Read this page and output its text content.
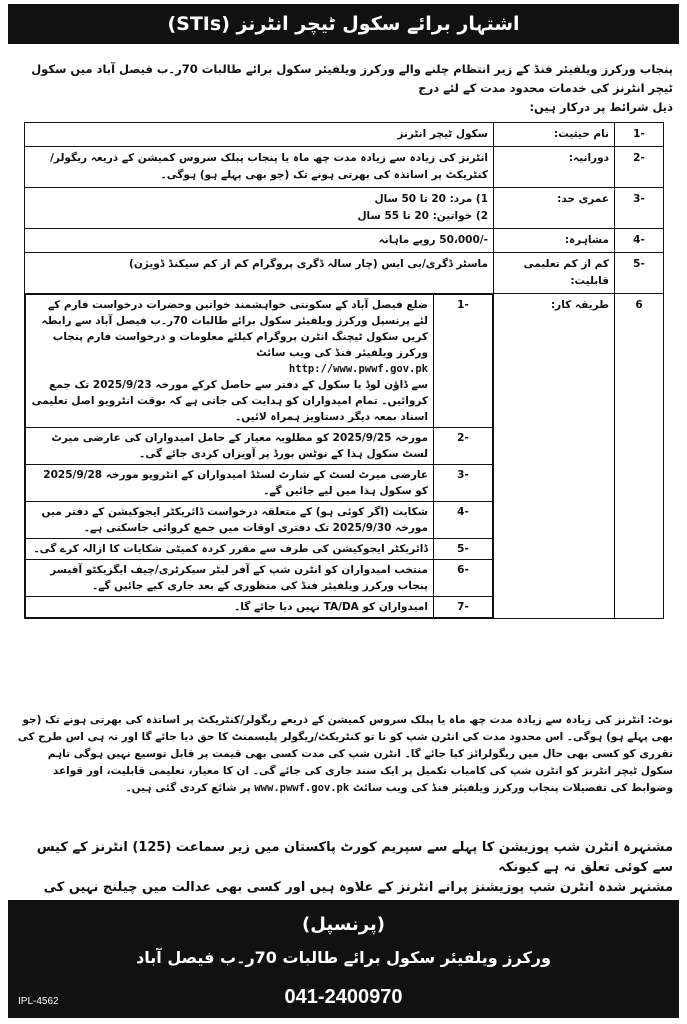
اشتہار برائے سکول ٹیچر انٹرنز (STIs)
پنجاب ورکرز ویلفیئر فنڈ کے زیر انتظام چلنے والے ورکرز ویلفیئر سکول برائے طالبات 70ر۔ب فیصل آباد میں سکول ٹیچر انٹرنز کی خدمات محدود مدت کے لئے درج
ذیل شرائط پر درکار ہیں:
-1	نام حیثیت:	سکول ٹیچر انٹرنز
-2	دورانیہ:	انٹرنز کی زیادہ سے زیادہ مدت چھ ماہ یا پنجاب پبلک سروس کمیشن کے ذریعہ ریگولر/کنٹریکٹ پر اساتذہ کی بھرتی ہونے تک (جو بھی پہلے ہو) ہوگی۔
-3	عمری حد:	
1) مرد: 20 تا 50 سال
2) خواتین: 20 تا 55 سال

-4	مشاہرہ:	-/50،000 روپے ماہانہ
-5	کم از کم تعلیمی قابلیت:	ماسٹر ڈگری/بی ایس (چار سالہ ڈگری پروگرام کم از کم سیکنڈ ڈویژن)
6	طریقہ کار:	
-1	ضلع فیصل آباد کے سکونتی خواہشمند خواتین وحضرات درخواست فارم کے لئے پرنسپل ورکرز ویلفیئر سکول برائے طالبات 70ر۔ب فیصل آباد سے رابطہ کریں سکول ٹیچنگ انٹرن پروگرام کیلئے معلومات و درخواست فارم پنجاب ورکرز ویلفیئر فنڈ کی ویب سائٹ
http://www.pwwf.gov.pk
سے ڈاؤن لوڈ یا سکول کے دفتر سے حاصل کرکے مورخہ 2025/9/23 تک جمع کروائیں۔ تمام امیدواران کو ہدایت کی جاتی ہے کہ بوقت انٹرویو اصل تعلیمی اسناد بمعہ دیگر دستاویز ہمراہ لائیں۔
-2	مورخہ 2025/9/25 کو مطلوبہ معیار کے حامل امیدواران کی عارضی میرٹ لسٹ سکول ہذا کے نوٹس بورڈ پر آویزاں کردی جائے گی۔
-3	عارضی میرٹ لسٹ کے شارٹ لسٹڈ امیدواران کے انٹرویو مورخہ 2025/9/28 کو سکول ہذا میں لیے جائیں گے۔
-4	شکایت (اگر کوئی ہو) کے متعلقہ درخواست ڈائریکٹر ایجوکیشن کے دفتر میں مورخہ 2025/9/30 تک دفتری اوقات میں جمع کروائی جاسکتی ہے۔
-5	ڈائریکٹر ایجوکیشن کی طرف سے مقرر کردہ کمیٹی شکایات کا ازالہ کرے گی۔
-6	منتخب امیدواران کو انٹرن شپ کے آفر لیٹر سیکرٹری/چیف ایگزیکٹو آفیسر پنجاب ورکرز ویلفیئر فنڈ کی منظوری کے بعد جاری کیے جائیں گے۔
-7	امیدواران کو TA/DA نہیں دیا جائے گا۔
نوٹ: انٹرنز کی زیادہ سے زیادہ مدت چھ ماہ یا پبلک سروس کمیشن کے ذریعے ریگولر/کنٹریکٹ پر اساتذہ کی بھرتی ہونے تک (جو بھی پہلے ہو) ہوگی۔ اس محدود مدت کی انٹرن شپ کو نا تو کنٹریکٹ/ریگولر پلیسمنٹ کا حق دیا جائے گا اور نہ ہی اس طرح کی تقرری کو کسی بھی حال میں ریگولرائز کیا جائے گا۔ انٹرن شپ کی مدت کسی بھی قیمت پر قابل توسیع نہیں ہوگی تاہم سکول ٹیچر انٹرنز کو انٹرن شپ کی کامیاب تکمیل پر ایک سند جاری کی جائے گی۔ ان کا معیار، تعلیمی قابلیت، اور قواعد وضوابط کی تفصیلات پنجاب ورکرز ویلفیئر فنڈ کی ویب سائٹ www.pwwf.gov.pk پر شائع کردی گئی ہیں۔
مشتہرہ انٹرن شپ پوزیشن کا پہلے سے سپریم کورٹ پاکستان میں زیر سماعت (125) انٹرنز کے کیس سے کوئی تعلق نہ ہے کیونکہ
مشتہر شدہ انٹرن شپ پوزیشنز پرانے انٹرنز کے علاوہ ہیں اور کسی بھی عدالت میں چیلنج نہیں کی
(پرنسپل)
ورکرز ویلفیئر سکول برائے طالبات 70ر۔ب فیصل آباد
041-2400970
IPL-4562
